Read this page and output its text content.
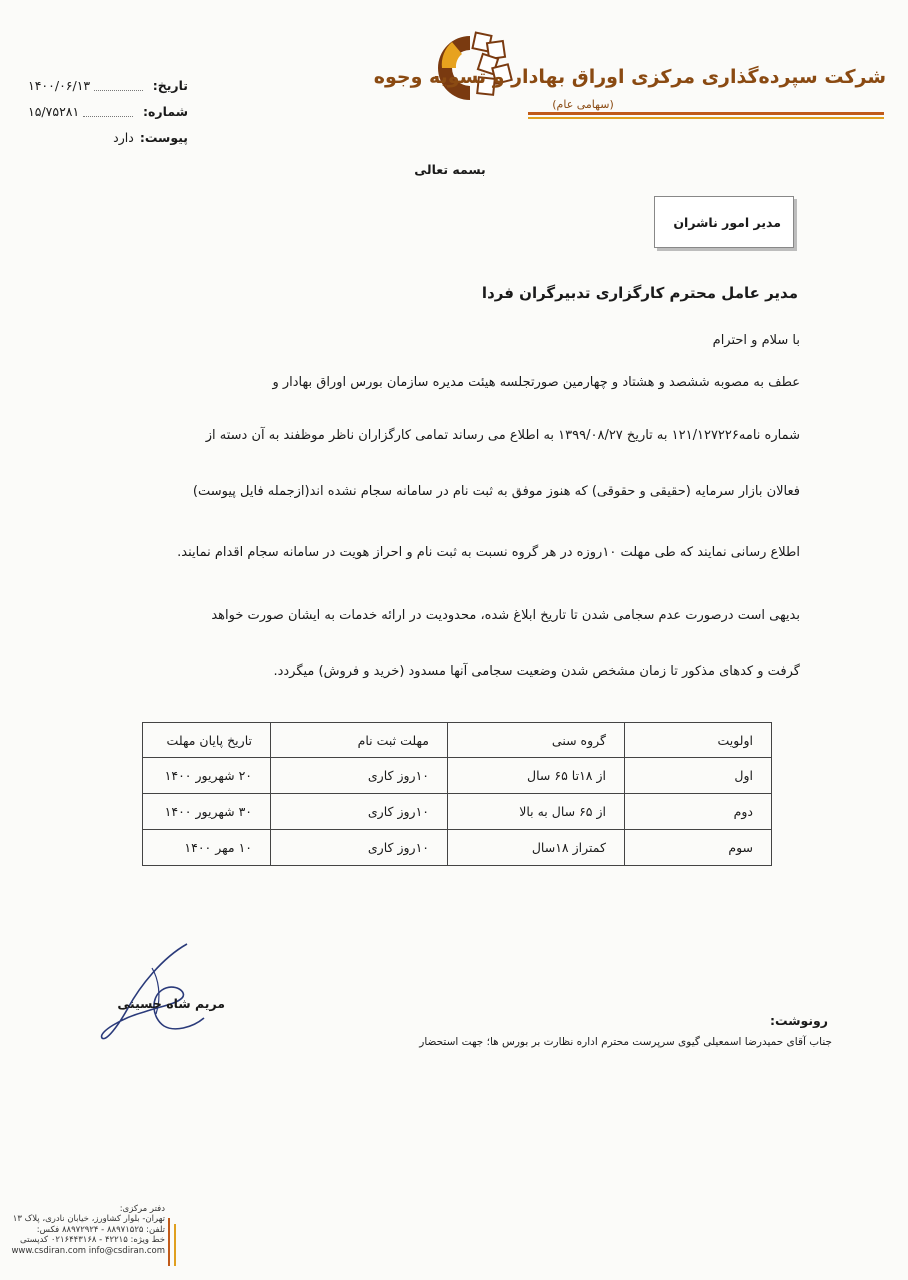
شرکت سپرده‌گذاری مرکزی اوراق بهادار و تسویه وجوه
(سهامی عام)
تاریخ:
۱۴۰۰/۰۶/۱۳
شماره:
۱۵/۷۵۲۸۱
پیوست:
دارد
بسمه تعالی
مدیر امور ناشران
مدیر عامل محترم کارگزاری تدبیرگران فردا
با سلام و احترام
عطف به مصوبه ششصد و هشتاد و چهارمین صورتجلسه هیئت مدیره سازمان بورس اوراق بهادار و
شماره نامه۱۲۱/۱۲۷۲۲۶ به تاریخ ۱۳۹۹/۰۸/۲۷ به اطلاع می رساند تمامی کارگزاران ناظر موظفند به آن دسته از
فعالان بازار سرمایه (حقیقی و حقوقی) که هنوز موفق به ثبت نام در سامانه سجام نشده اند(ازجمله فایل پیوست)
اطلاع رسانی نمایند که طی مهلت ۱۰روزه در هر گروه نسبت به ثبت نام و احراز هویت در سامانه سجام اقدام نمایند.
بدیهی است درصورت عدم سجامی شدن تا تاریخ ابلاغ شده، محدودیت در ارائه خدمات به ایشان صورت خواهد
گرفت و کدهای مذکور تا زمان مشخص شدن وضعیت سجامی آنها مسدود (خرید و فروش) میگردد.
اولویت	گروه سنی	مهلت ثبت نام	تاریخ پایان مهلت
اول	از ۱۸تا ۶۵ سال	۱۰روز کاری	۲۰ شهریور ۱۴۰۰
دوم	از ۶۵ سال به بالا	۱۰روز کاری	۳۰ شهریور ۱۴۰۰
سوم	کمتراز ۱۸سال	۱۰روز کاری	۱۰ مهر ۱۴۰۰
مریم شاه حسینی
رونوشت:
جناب آقای حمیدرضا اسمعیلی گیوی سرپرست محترم اداره نظارت بر بورس ها؛ جهت استحضار
دفتر مرکزی:
تهران- بلوار کشاورز، خیابان نادری، پلاک ۱۳
تلفن: ۸۸۹۷۱۵۲۵ - ۸۸۹۷۲۹۲۴ فکس:
خط ویژه: ۴۲۲۱۵ - ۰۲۱۶۴۴۳۱۶۸ کدپستی
www.csdiran.com info@csdiran.com
